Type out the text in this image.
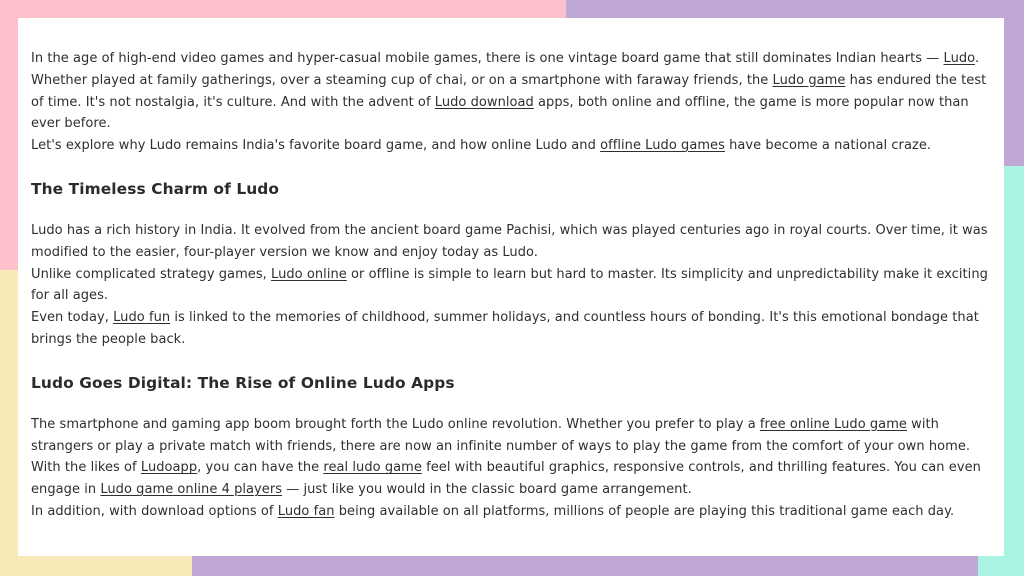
In the age of high-end video games and hyper-casual mobile games, there is one vintage board game that still dominates Indian hearts — Ludo. Whether played at family gatherings, over a steaming cup of chai, or on a smartphone with faraway friends, the Ludo game has endured the test of time. It's not nostalgia, it's culture. And with the advent of Ludo download apps, both online and offline, the game is more popular now than ever before.

Let's explore why Ludo remains India's favorite board game, and how online Ludo and offline Ludo games have become a national craze.

The Timeless Charm of Ludo

Ludo has a rich history in India. It evolved from the ancient board game Pachisi, which was played centuries ago in royal courts. Over time, it was modified to the easier, four-player version we know and enjoy today as Ludo.

Unlike complicated strategy games, Ludo online or offline is simple to learn but hard to master. Its simplicity and unpredictability make it exciting for all ages.

Even today, Ludo fun is linked to the memories of childhood, summer holidays, and countless hours of bonding. It's this emotional bondage that brings the people back.

Ludo Goes Digital: The Rise of Online Ludo Apps

The smartphone and gaming app boom brought forth the Ludo online revolution. Whether you prefer to play a free online Ludo game with strangers or play a private match with friends, there are now an infinite number of ways to play the game from the comfort of your own home.

With the likes of Ludoapp, you can have the real ludo game feel with beautiful graphics, responsive controls, and thrilling features. You can even engage in Ludo game online 4 players — just like you would in the classic board game arrangement.

In addition, with download options of Ludo fan being available on all platforms, millions of people are playing this traditional game each day.
